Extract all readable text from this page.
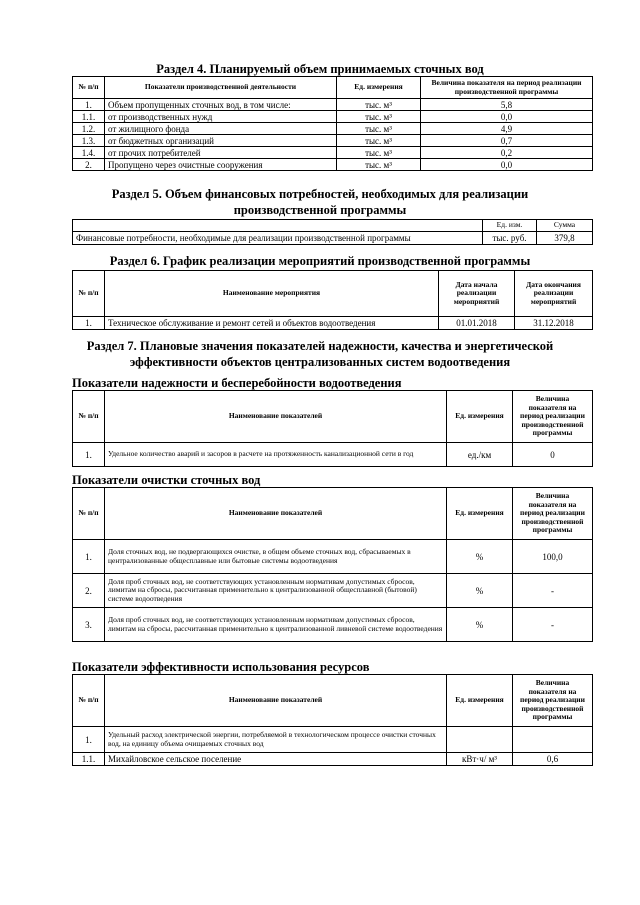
Раздел 4. Планируемый объем принимаемых сточных вод
№ п/п	Показатели производственной деятельности	Ед. измерения	Величина показателя на период реализации производственной программы
1.	Объем пропущенных сточных вод, в том числе:	тыс. м³	5,8
1.1.	от производственных нужд	тыс. м³	0,0
1.2.	от жилищного фонда	тыс. м³	4,9
1.3.	от бюджетных организаций	тыс. м³	0,7
1.4.	от прочих потребителей	тыс. м³	0,2
2.	Пропущено через очистные сооружения	тыс. м³	0,0
Раздел 5. Объем финансовых потребностей, необходимых для реализации
производственной программы
	Ед. изм.	Сумма
Финансовые потребности, необходимые для реализации производственной программы	тыс. руб.	379,8
Раздел 6. График реализации мероприятий производственной программы
№ п/п	Наименование мероприятия	Дата начала реализации мероприятий	Дата окончания реализации мероприятий
1.	Техническое обслуживание и ремонт сетей и объектов водоотведения	01.01.2018	31.12.2018
Раздел 7. Плановые значения показателей надежности, качества и энергетической
эффективности объектов централизованных систем водоотведения
Показатели надежности и бесперебойности водоотведения
№ п/п	Наименование показателей	Ед. измерения	Величина показателя на период реализации производственной программы
1.	Удельное количество аварий и засоров в расчете на протяженность канализационной сети в год	ед./км	0
Показатели очистки сточных вод
№ п/п	Наименование показателей	Ед. измерения	Величина показателя на период реализации производственной программы
1.	Доля сточных вод, не подвергающихся очистке, в общем объеме сточных вод, сбрасываемых в централизованные общесплавные или бытовые системы водоотведения	%	100,0
2.	Доля проб сточных вод, не соответствующих установленным нормативам допустимых сбросов, лимитам на сбросы, рассчитанная применительно к централизованной общесплавной (бытовой) системе водоотведения	%	-
3.	Доля проб сточных вод, не соответствующих установленным нормативам допустимых сбросов, лимитам на сбросы, рассчитанная применительно к централизованной ливневой системе водоотведения	%	-
Показатели эффективности использования ресурсов
№ п/п	Наименование показателей	Ед. измерения	Величина показателя на период реализации производственной программы
1.	Удельный расход электрической энергии, потребляемой в технологическом процессе очистки сточных вод, на единицу объема очищаемых сточных вод		
1.1.	Михайловское сельское поселение	кВт·ч/ м³	0,6
